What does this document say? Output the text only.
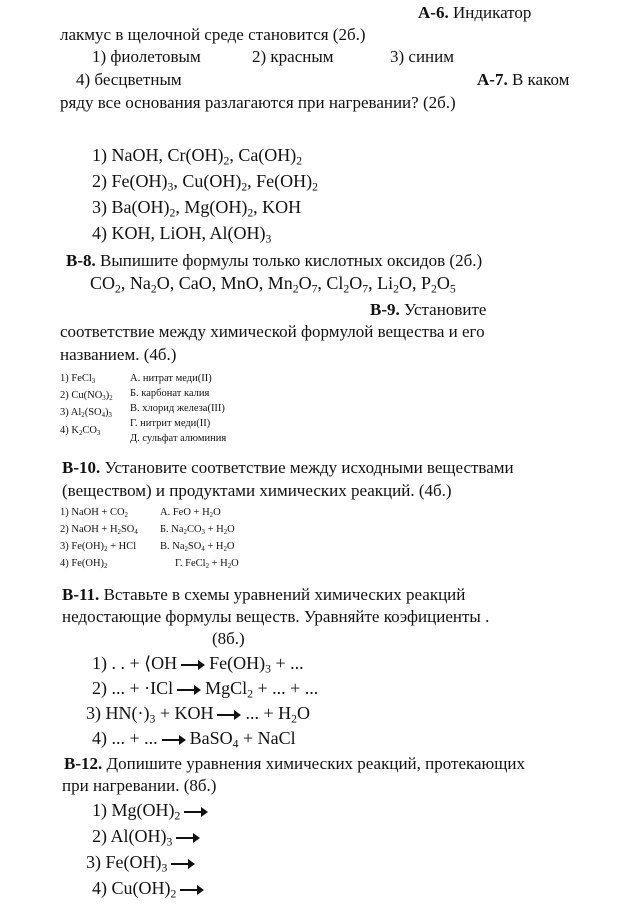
А-6. Индикатор
лакмус в щелочной среде становится (2б.)
1) фиолетовым	2) красным	3) синим
4) бесцветным	А-7. В каком
ряду все основания разлагаются при нагревании? (2б.)
1) NaOH, $Cr(OH)_2$, $Ca(OH)_2$
2) $Fe(OH)_3$, $Cu(OH)_2$, $Fe(OH)_2$
3) $Ba(OH)_2$, $Mg(OH)_2$, KOH
4) KOH, LiOH, $Al(OH)_3$
В-8. Выпишите формулы только кислотных оксидов (2б.)
$CO_2$, $Na_2O$, CaO, MnO, $Mn_2O_7$, $Cl_2O_7$, $Li_2O$, $P_2O_5$
В-9. Установите
соответствие между химической формулой вещества и его
названием. (4б.)
1) FeCl$_3$
2) $Cu(NO_3)_2$
3) $Al_2(SO_4)_3$
4) $K_2CO_3$
А. нитрат меди(II)
Б. карбонат калия
В. хлорид железа(III)
Г. нитрит меди(II)
Д. сульфат алюминия
В-10. Установите соответствие между исходными веществами
(веществом) и продуктами химических реакций. (4б.)
1) NaOH + $CO_2$
2) NaOH + $H_2SO_4$
3) $Fe(OH)_2$ + HCl
4) $Fe(OH)_2$
А. FeO + $H_2O$
Б. $Na_2CO_3 + H_2O$
В. $Na_2SO_4 + H_2O$
Г. FeCl$_2$ + $H_2O$
В-11. Вставьте в схемы уравнений химических реакций
недостающие формулы веществ. Уравняйте коэфициенты .
(8б.)
1) . . + ⟨OH $Fe(OH)_3$ + ...
2) ... + ·ICl MgCl$_2$ + ... + ...
3) $HN(\cdot)_3$ + KOH ... + $H_2O$
4) ... + ... BaSO$_4$ + NaCl
В-12. Допишите уравнения химических реакций, протекающих
при нагревании. (8б.)
1) $Mg(OH)_2$
2) $Al(OH)_3$
3) $Fe(OH)_3$
4) $Cu(OH)_2$
